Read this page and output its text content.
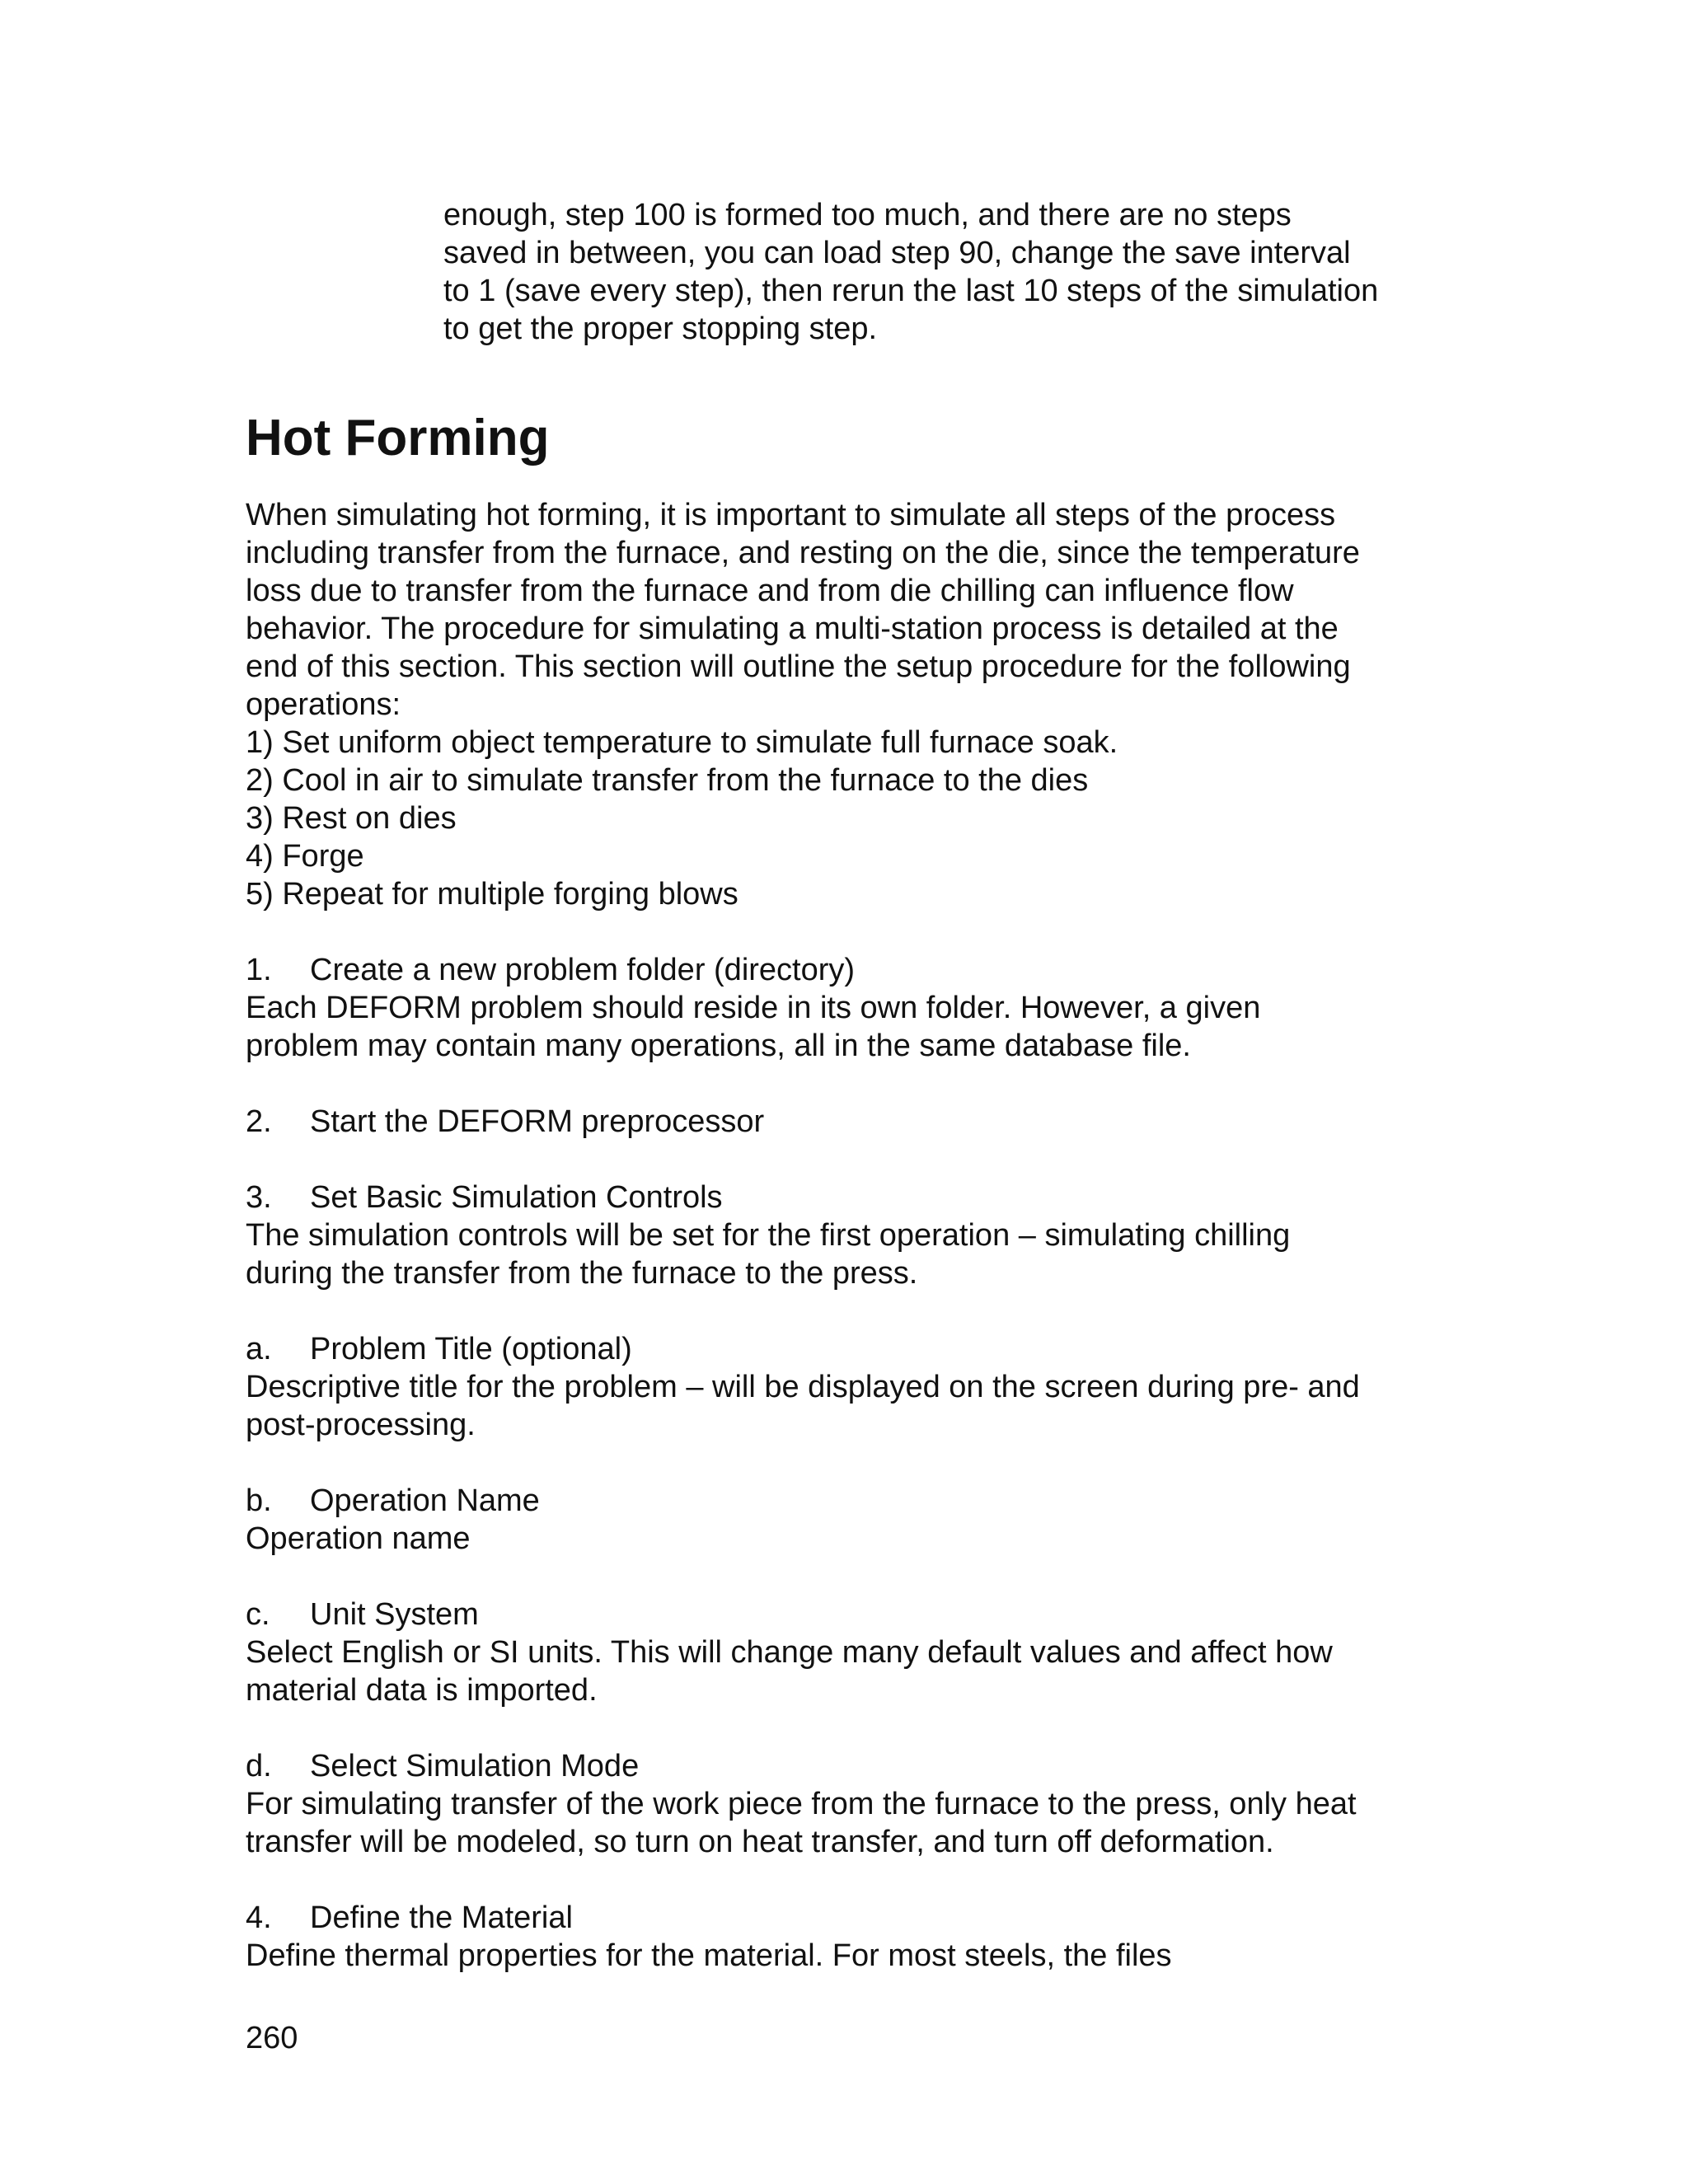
enough, step 100 is formed too much, and there are no steps

saved in between, you can load step 90, change the save interval

to 1 (save every step), then rerun the last 10 steps of the simulation

to get the proper stopping step.

Hot Forming

When simulating hot forming, it is important to simulate all steps of the process

including transfer from the furnace, and resting on the die, since the temperature

loss due to transfer from the furnace and from die chilling can influence flow

behavior. The procedure for simulating a multi-station process is detailed at the

end of this section. This section will outline the setup procedure for the following

operations:

1) Set uniform object temperature to simulate full furnace soak.

2) Cool in air to simulate transfer from the furnace to the dies

3) Rest on dies

4) Forge

5) Repeat for multiple forging blows

1. Create a new problem folder (directory)

Each DEFORM problem should reside in its own folder. However, a given

problem may contain many operations, all in the same database file.

2. Start the DEFORM preprocessor

3. Set Basic Simulation Controls

The simulation controls will be set for the first operation – simulating chilling

during the transfer from the furnace to the press.

a. Problem Title (optional)

Descriptive title for the problem – will be displayed on the screen during pre- and

post-processing.

b. Operation Name

Operation name

c. Unit System

Select English or SI units. This will change many default values and affect how

material data is imported.

d. Select Simulation Mode

For simulating transfer of the work piece from the furnace to the press, only heat

transfer will be modeled, so turn on heat transfer, and turn off deformation.

4. Define the Material

Define thermal properties for the material. For most steels, the files

260
